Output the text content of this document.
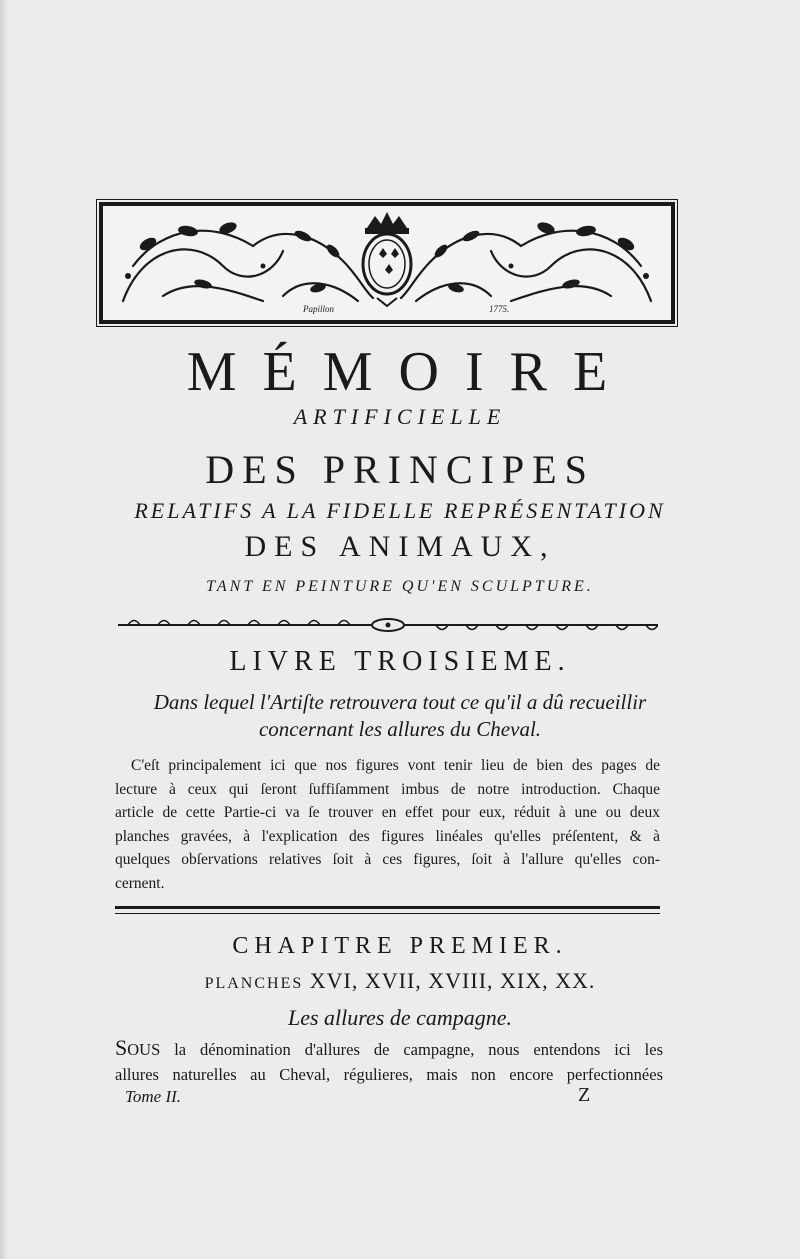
Papillon	1775.
MÉMOIRE
ARTIFICIELLE
DES PRINCIPES
RELATIFS A LA FIDELLE REPRÉSENTATION
DES ANIMAUX,
TANT EN PEINTURE QU'EN SCULPTURE.
LIVRE TROISIEME.
Dans lequel l'Artiſte retrouvera tout ce qu'il a dû recueillir
concernant les allures du Cheval.
C'eſt principalement ici que nos figures vont tenir lieu de bien des pages de
lecture à ceux qui ſeront ſuffiſamment imbus de notre introduction. Chaque
article de cette Partie-ci va ſe trouver en effet pour eux, réduit à une ou deux
planches gravées, à l'explication des figures linéales qu'elles préſentent, & à
quelques obſervations relatives ſoit à ces figures, ſoit à l'allure qu'elles con-
cernent.
CHAPITRE PREMIER.
PLANCHES XVI, XVII, XVIII, XIX, XX.
Les allures de campagne.
SOUS la dénomination d'allures de campagne, nous entendons ici les
allures naturelles au Cheval, régulieres, mais non encore perfectionnées
Tome II.	Z
